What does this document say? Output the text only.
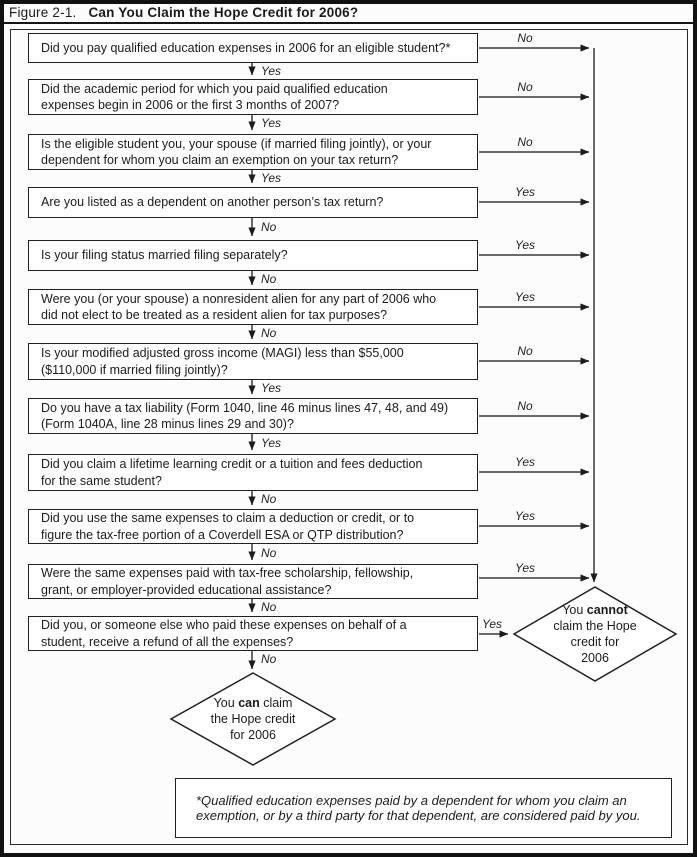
Figure 2-1. Can You Claim the Hope Credit for 2006?
Did you pay qualified education expenses in 2006 for an eligible student?*
Did the academic period for which you paid qualified education
expenses begin in 2006 or the first 3 months of 2007?
Is the eligible student you, your spouse (if married filing jointly), or your
dependent for whom you claim an exemption on your tax return?
Are you listed as a dependent on another person’s tax return?
Is your filing status married filing separately?
Were you (or your spouse) a nonresident alien for any part of 2006 who
did not elect to be treated as a resident alien for tax purposes?
Is your modified adjusted gross income (MAGI) less than $55,000
($110,000 if married filing jointly)?
Do you have a tax liability (Form 1040, line 46 minus lines 47, 48, and 49)
(Form 1040A, line 28 minus lines 29 and 30)?
Did you claim a lifetime learning credit or a tuition and fees deduction
for the same student?
Did you use the same expenses to claim a deduction or credit, or to
figure the tax-free portion of a Coverdell ESA or QTP distribution?
Were the same expenses paid with tax-free scholarship, fellowship,
grant, or employer-provided educational assistance?
Did you, or someone else who paid these expenses on behalf of a
student, receive a refund of all the expenses?
No
No
No
Yes
Yes
Yes
No
No
Yes
Yes
Yes
Yes
Yes
Yes
Yes
No
No
No
Yes
Yes
No
No
No
No
You cannot
claim the Hope
credit for
2006
You can claim
the Hope credit
for 2006
*Qualified education expenses paid by a dependent for whom you claim an
exemption, or by a third party for that dependent, are considered paid by you.
